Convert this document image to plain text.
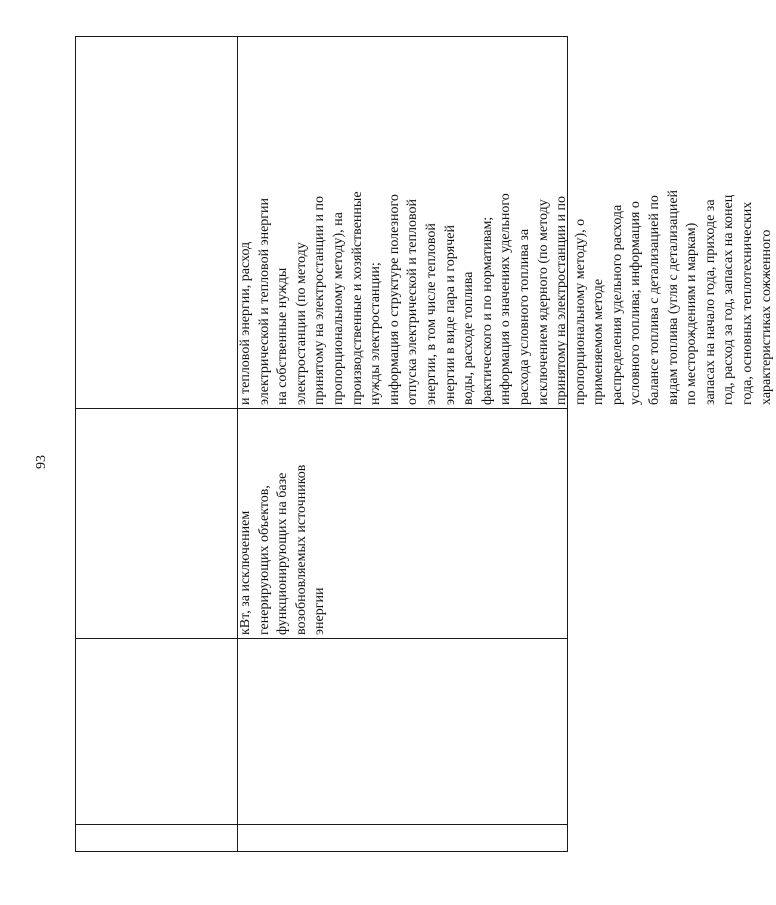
93
кВт, за исключением генерирующих объектов, функционирующих на базе возобновляемых источников энергии
и тепловой энергии, расход электрической и тепловой энергии на собственные нужды электростанции (по методу принятому на электростанции и по пропорциональному методу), на производственные и хозяйственные нужды электростанции; информация о структуре полезного отпуска электрической и тепловой энергии, в том числе тепловой энергии в виде пара и горячей воды, расходе топлива фактического и по нормативам; информация о значениях удельного расхода условного топлива за исключением ядерного (по методу принятому на электростанции и по пропорциональному методу), о применяемом методе распределения удельного расхода условного топлива; информация о балансе топлива с детализацией по видам топлива (угля с детализацией по месторождениям и маркам) запасах на начало года, приходе за год, расход за год, запасах на конец года, основных теплотехнических характеристиках сожженного
